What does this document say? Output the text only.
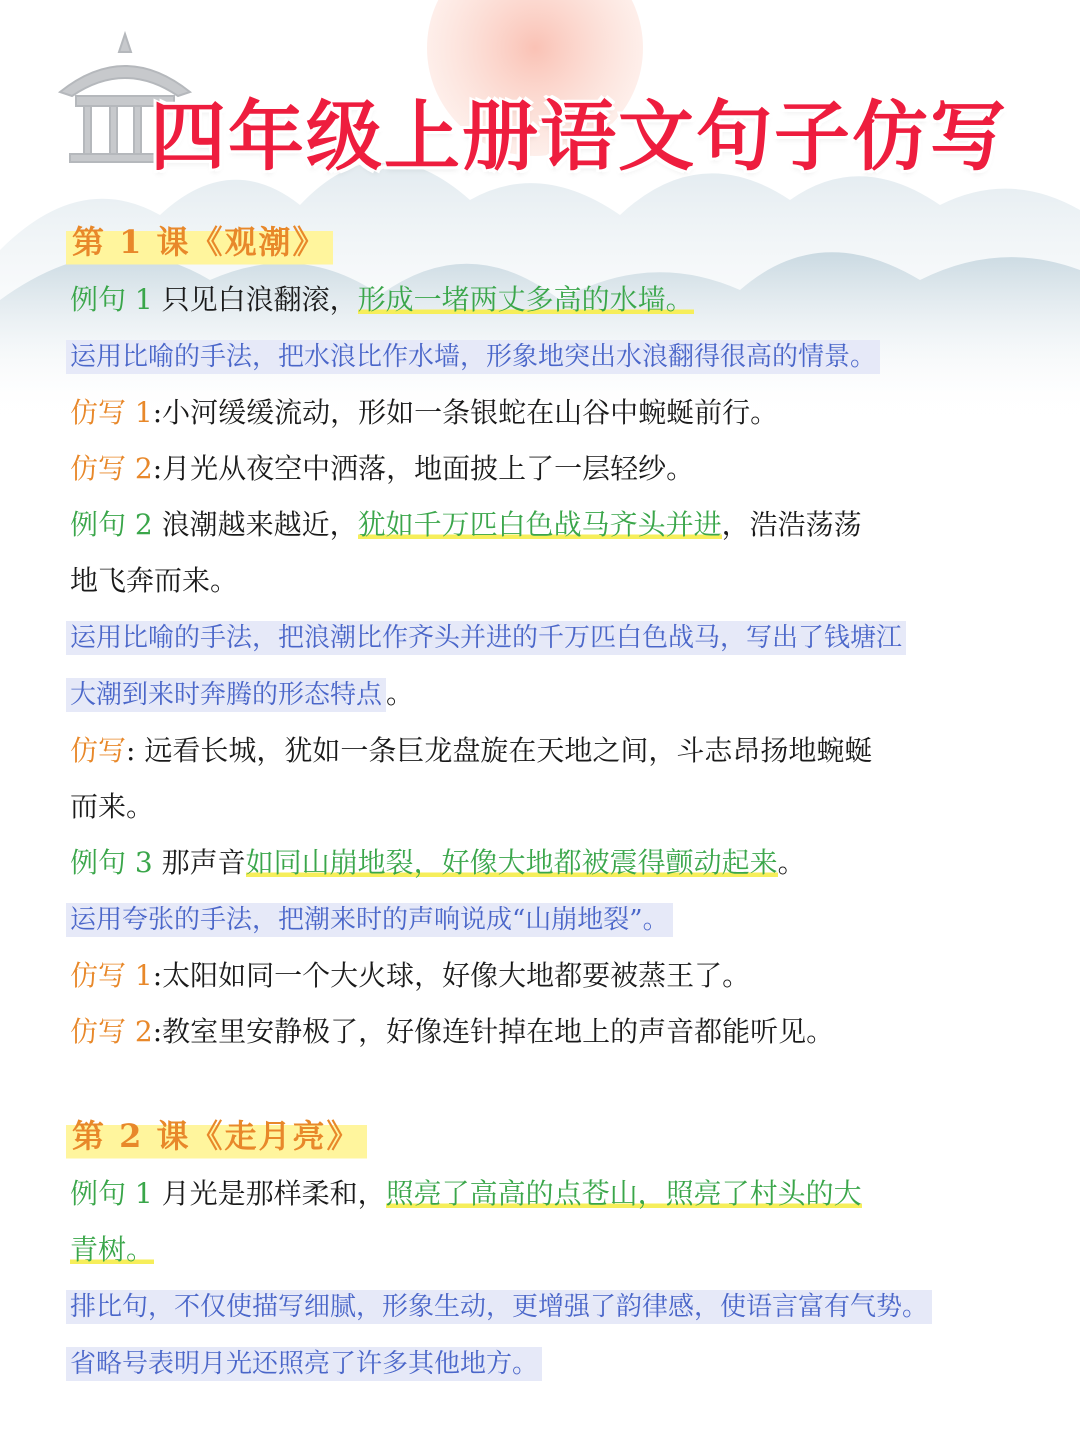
四年级上册语文句子仿写
第 1 课《观潮》
例句 1 只见白浪翻滚，形成一堵两丈多高的水墙。
运用比喻的手法，把水浪比作水墙，形象地突出水浪翻得很高的情景。
仿写 1:小河缓缓流动，形如一条银蛇在山谷中蜿蜒前行。
仿写 2:月光从夜空中洒落，地面披上了一层轻纱。
例句 2 浪潮越来越近，犹如千万匹白色战马齐头并进，浩浩荡荡
地飞奔而来。
运用比喻的手法，把浪潮比作齐头并进的千万匹白色战马，写出了钱塘江
大潮到来时奔腾的形态特点 。
仿写: 远看长城，犹如一条巨龙盘旋在天地之间，斗志昂扬地蜿蜒
而来。
例句 3 那声音如同山崩地裂，好像大地都被震得颤动起来。
运用夸张的手法，把潮来时的声响说成“山崩地裂”。
仿写 1:太阳如同一个大火球，好像大地都要被蒸王了。
仿写 2:教室里安静极了，好像连针掉在地上的声音都能听见。
第 2 课《走月亮》
例句 1 月光是那样柔和，照亮了高高的点苍山，照亮了村头的大
青树。
排比句，不仅使描写细腻，形象生动，更增强了韵律感，使语言富有气势。
省略号表明月光还照亮了许多其他地方。
